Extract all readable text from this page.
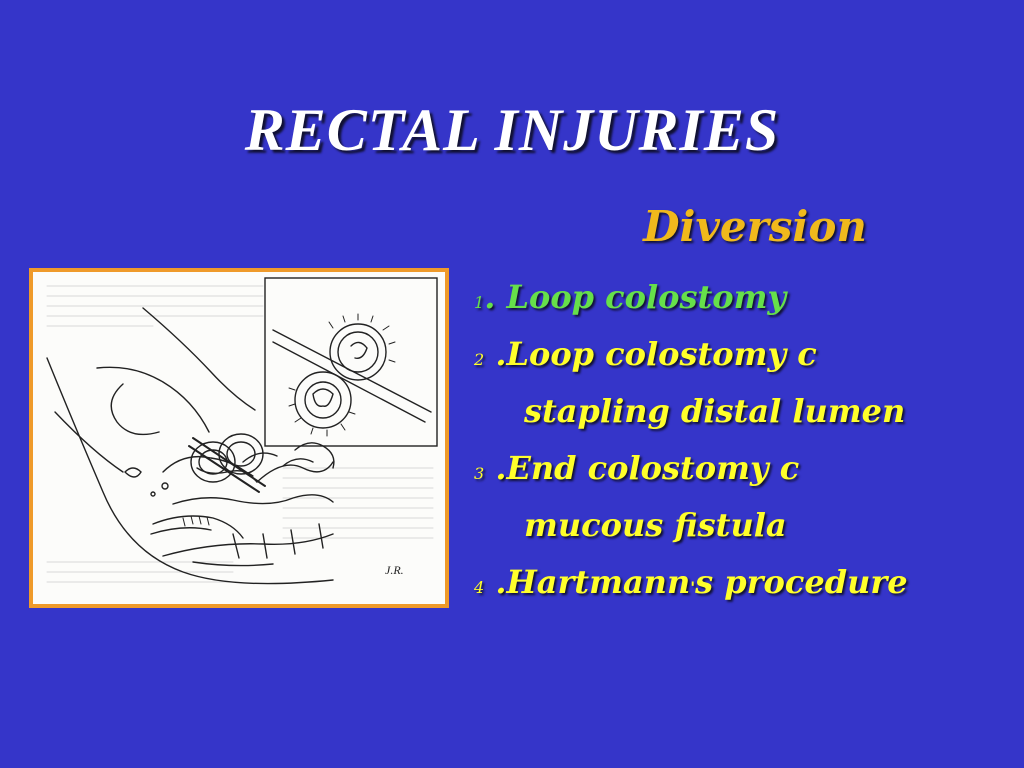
RECTAL INJURIES
Diversion
J.R.
1. Loop colostomy
2 .Loop colostomy c
stapling distal lumen
3 .End colostomy c
mucous fistula
4 .Hartmann's procedure
